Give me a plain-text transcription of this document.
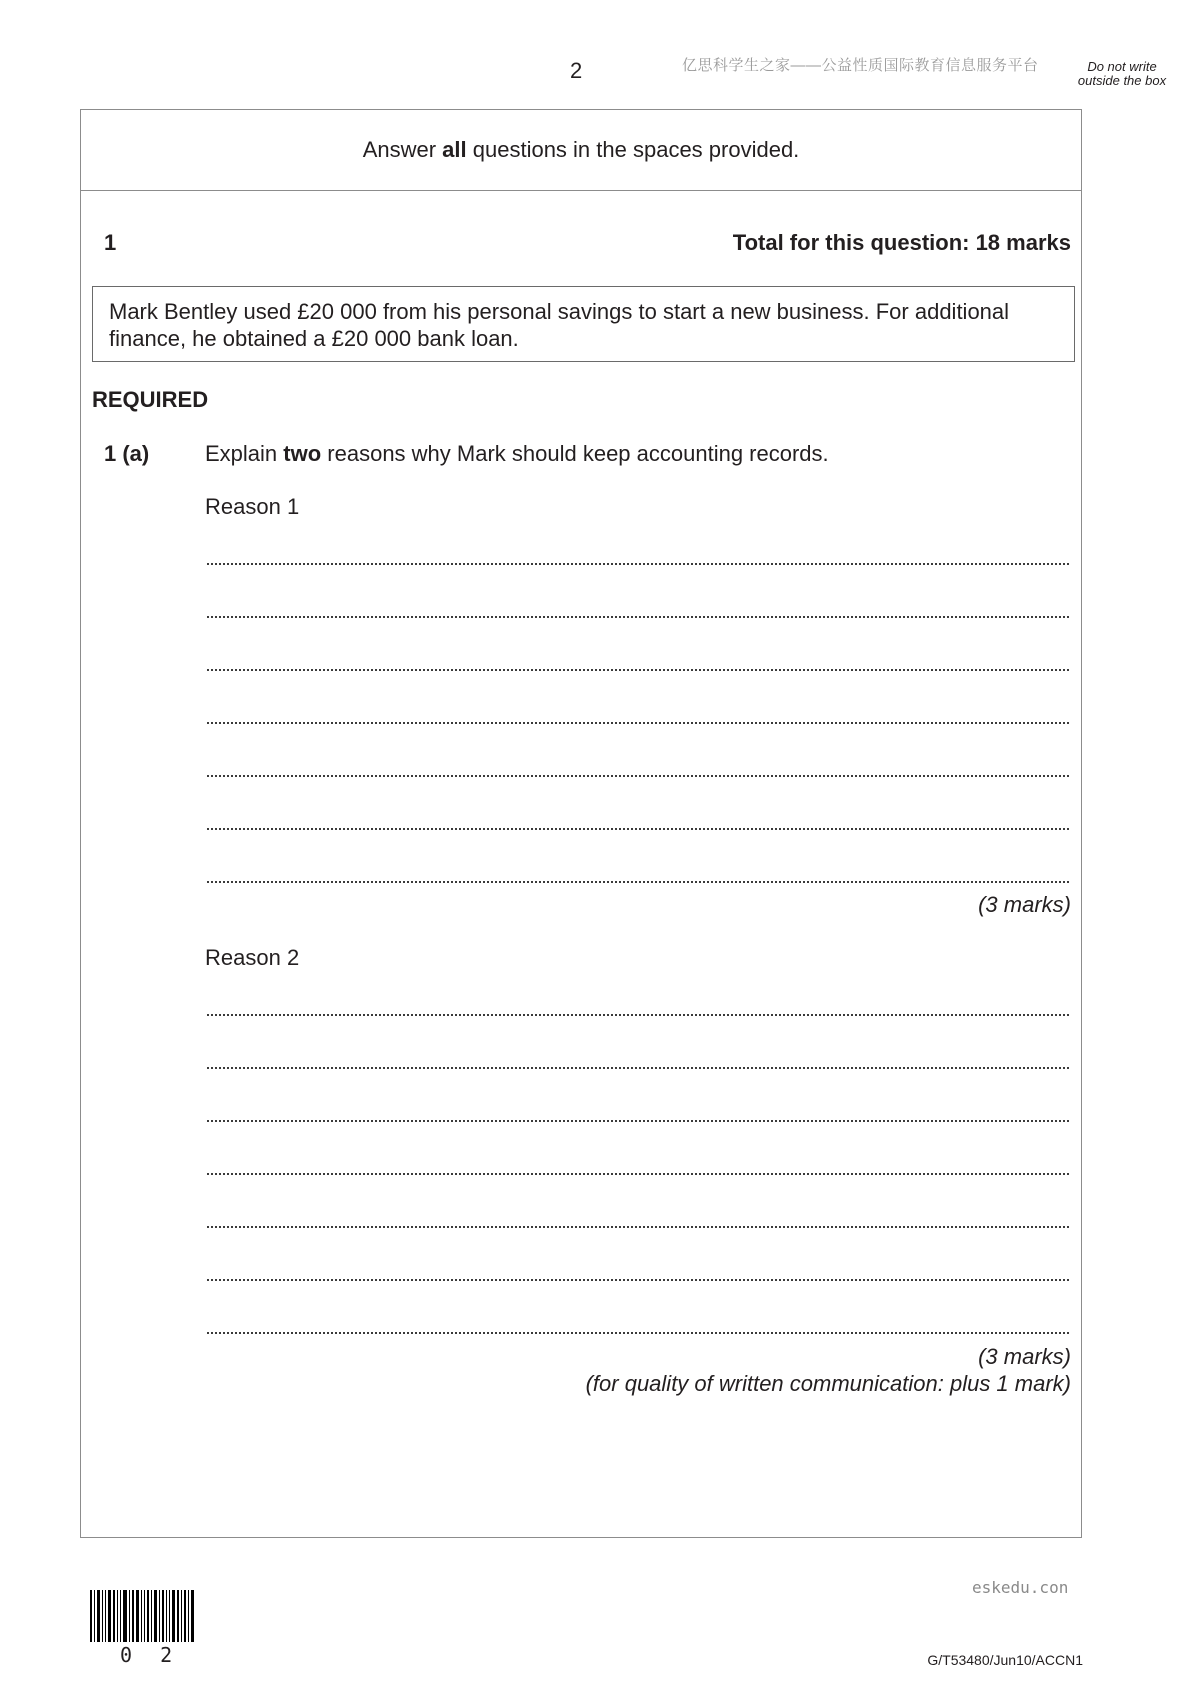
2	亿思科学生之家——公益性质国际教育信息服务平台	Do not write outside the box
Answer all questions in the spaces provided.
1	Total for this question: 18 marks
Mark Bentley used £20 000 from his personal savings to start a new business. For additional finance, he obtained a £20 000 bank loan.
REQUIRED
1 (a)	Explain two reasons why Mark should keep accounting records.
Reason 1
(3 marks)
Reason 2
(3 marks)
(for quality of written communication: plus 1 mark)
0 2
eskedu.con
G/T53480/Jun10/ACCN1
